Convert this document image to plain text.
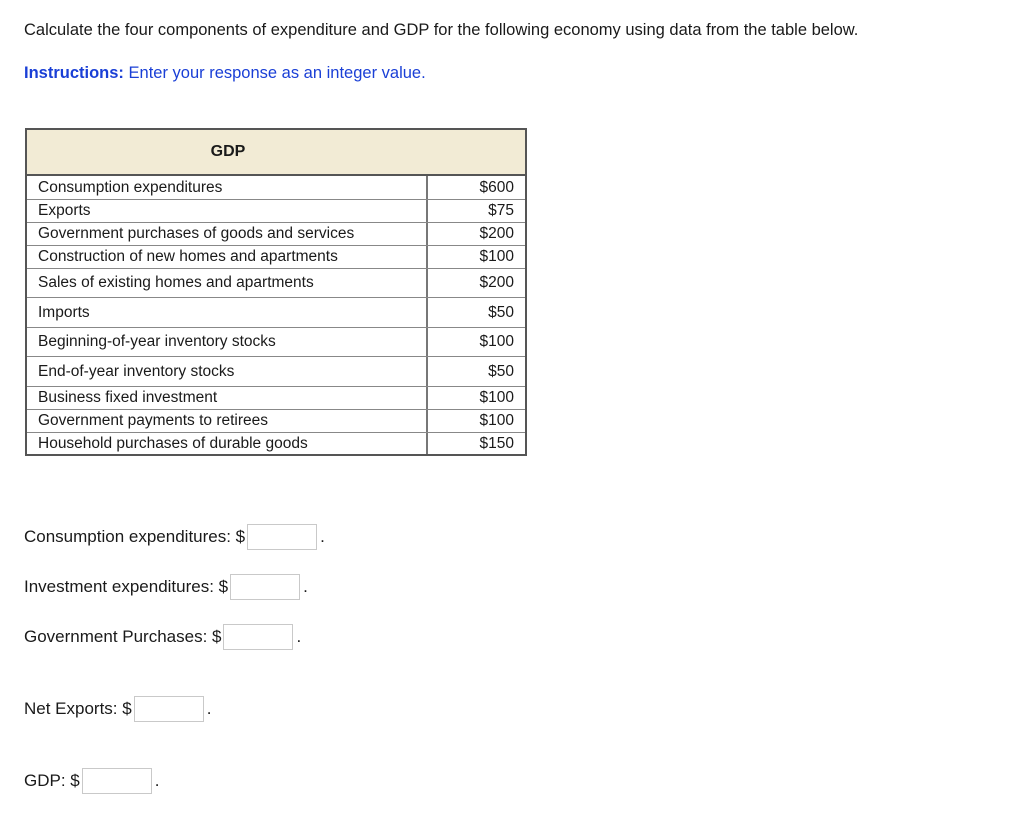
Calculate the four components of expenditure and GDP for the following economy using data from the table below.
Instructions: Enter your response as an integer value.
GDP
Consumption expenditures	$600
Exports	$75
Government purchases of goods and services	$200
Construction of new homes and apartments	$100
Sales of existing homes and apartments	$200
Imports	$50
Beginning-of-year inventory stocks	$100
End-of-year inventory stocks	$50
Business fixed investment	$100
Government payments to retirees	$100
Household purchases of durable goods	$150
Consumption expenditures: $	.
Investment expenditures: $	.
Government Purchases: $	.
Net Exports: $	.
GDP: $	.
